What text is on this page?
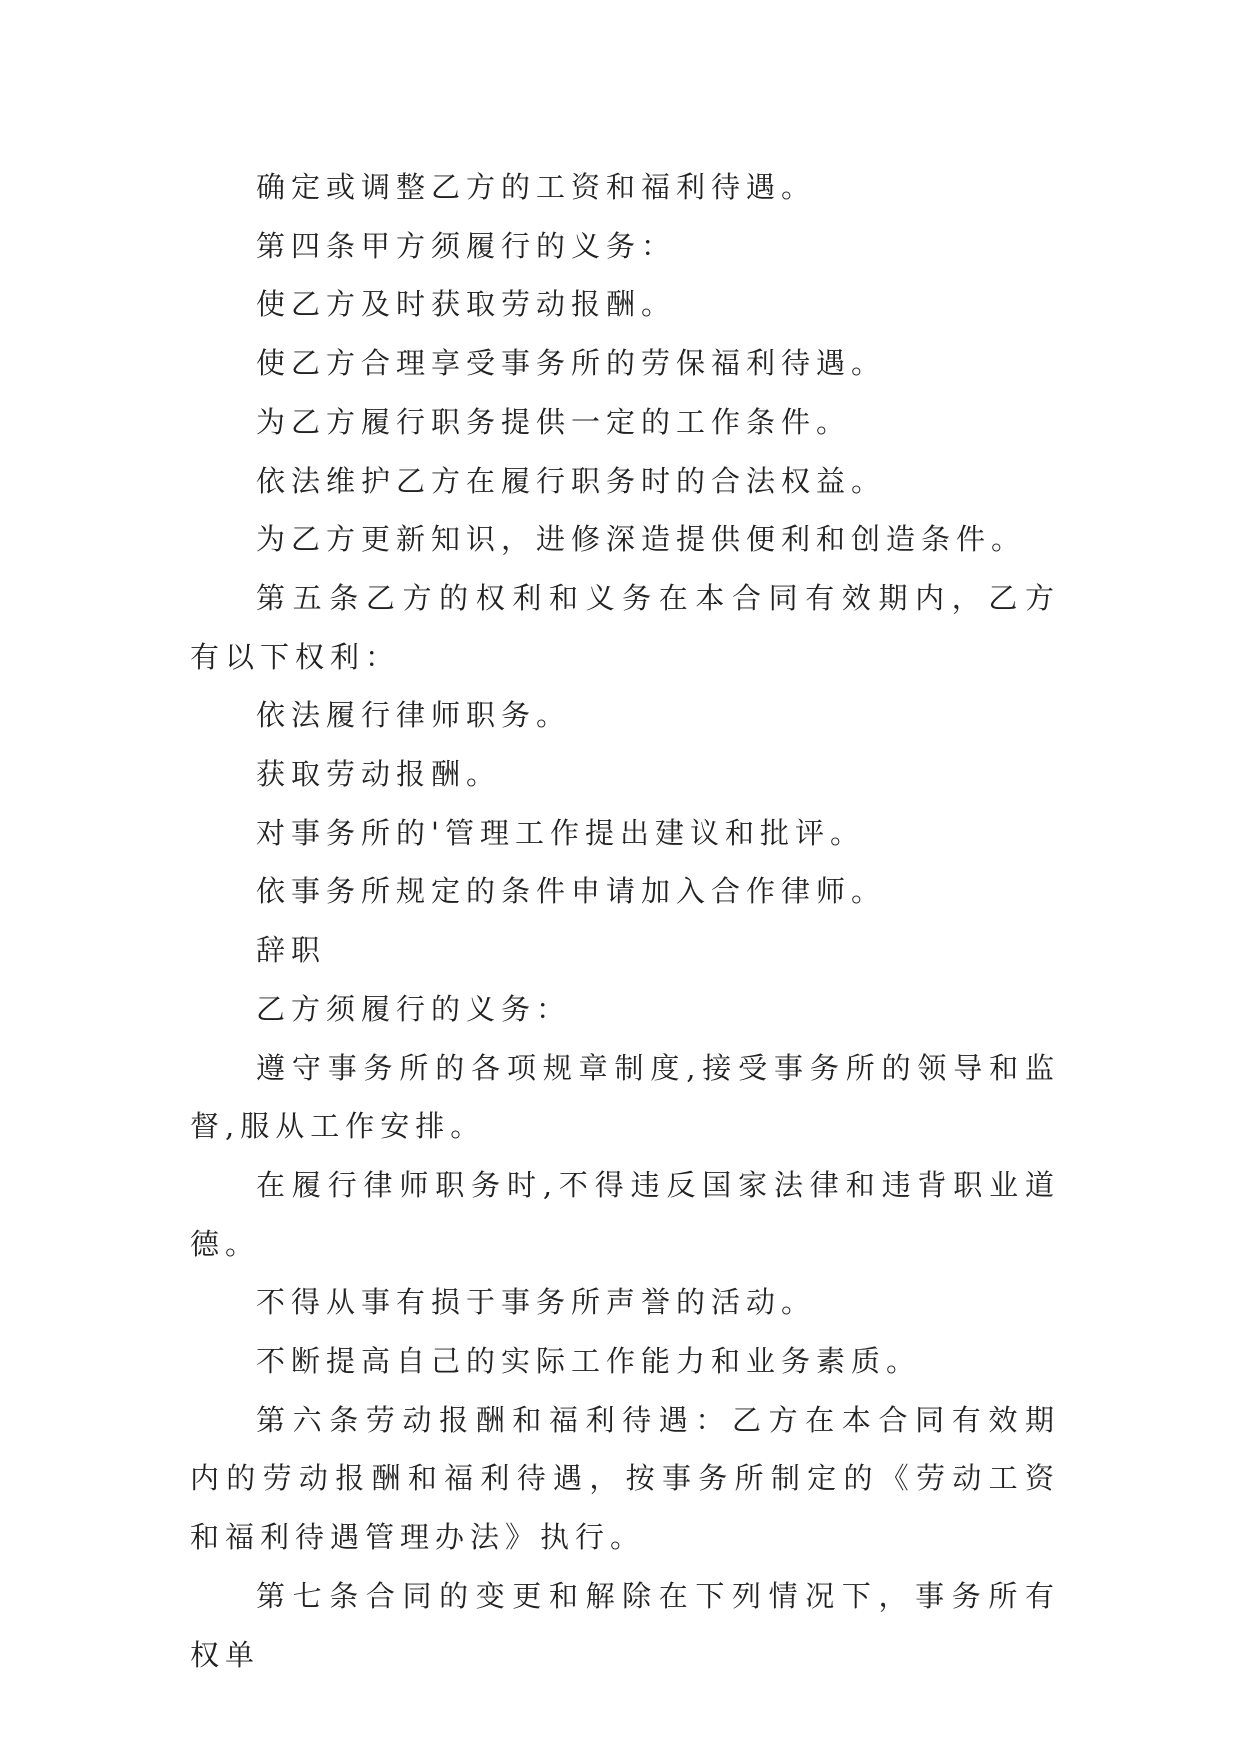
确定或调整乙方的工资和福利待遇。

第四条甲方须履行的义务：

使乙方及时获取劳动报酬。

使乙方合理享受事务所的劳保福利待遇。

为乙方履行职务提供一定的工作条件。

依法维护乙方在履行职务时的合法权益。

为乙方更新知识，进修深造提供便利和创造条件。

第五条乙方的权利和义务在本合同有效期内，乙方有以下权利：

依法履行律师职务。

获取劳动报酬。

对事务所的'管理工作提出建议和批评。

依事务所规定的条件申请加入合作律师。

辞职

乙方须履行的义务：

遵守事务所的各项规章制度,接受事务所的领导和监督,服从工作安排。

在履行律师职务时,不得违反国家法律和违背职业道德。

不得从事有损于事务所声誉的活动。

不断提高自己的实际工作能力和业务素质。

第六条劳动报酬和福利待遇：乙方在本合同有效期内的劳动报酬和福利待遇，按事务所制定的《劳动工资和福利待遇管理办法》执行。

第七条合同的变更和解除在下列情况下，事务所有权单
